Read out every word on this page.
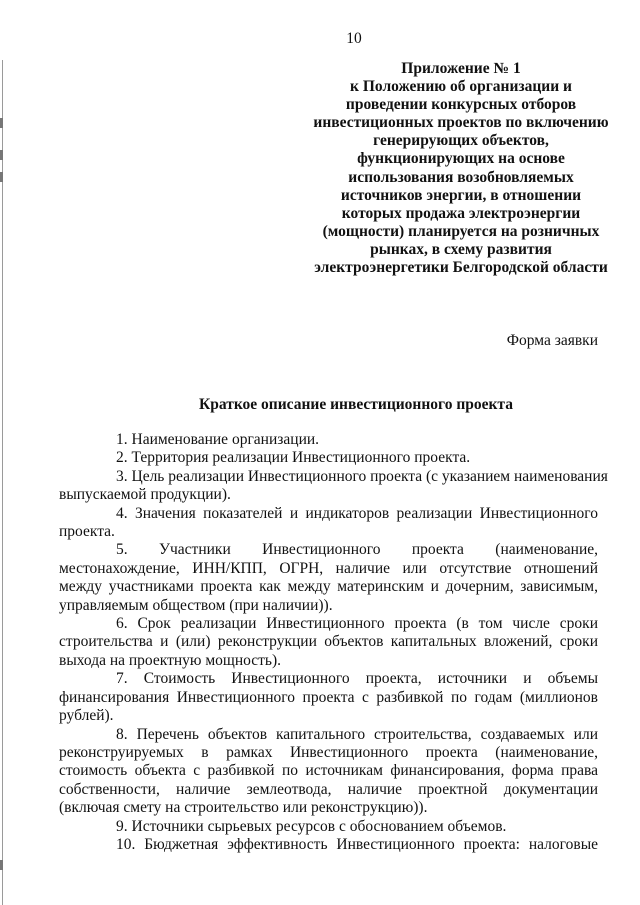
10
Приложение № 1
к Положению об организации и
проведении конкурсных отборов
инвестиционных проектов по включению
генерирующих объектов,
функционирующих на основе
использования возобновляемых
источников энергии, в отношении
которых продажа электроэнергии
(мощности) планируется на розничных
рынках, в схему развития
электроэнергетики Белгородской области
Форма заявки
Краткое описание инвестиционного проекта
1. Наименование организации.
2. Территория реализации Инвестиционного проекта.
3. Цель реализации Инвестиционного проекта (с указанием наименования
выпускаемой продукции).
4. Значения показателей и индикаторов реализации Инвестиционного
проекта.
5. Участники Инвестиционного проекта (наименование,
местонахождение, ИНН/КПП, ОГРН, наличие или отсутствие отношений
между участниками проекта как между материнским и дочерним, зависимым,
управляемым обществом (при наличии)).
6. Срок реализации Инвестиционного проекта (в том числе сроки
строительства и (или) реконструкции объектов капитальных вложений, сроки
выхода на проектную мощность).
7. Стоимость Инвестиционного проекта, источники и объемы
финансирования Инвестиционного проекта с разбивкой по годам (миллионов
рублей).
8. Перечень объектов капитального строительства, создаваемых или
реконструируемых в рамках Инвестиционного проекта (наименование,
стоимость объекта с разбивкой по источникам финансирования, форма права
собственности, наличие землеотвода, наличие проектной документации
(включая смету на строительство или реконструкцию)).
9. Источники сырьевых ресурсов с обоснованием объемов.
10. Бюджетная эффективность Инвестиционного проекта: налоговые
